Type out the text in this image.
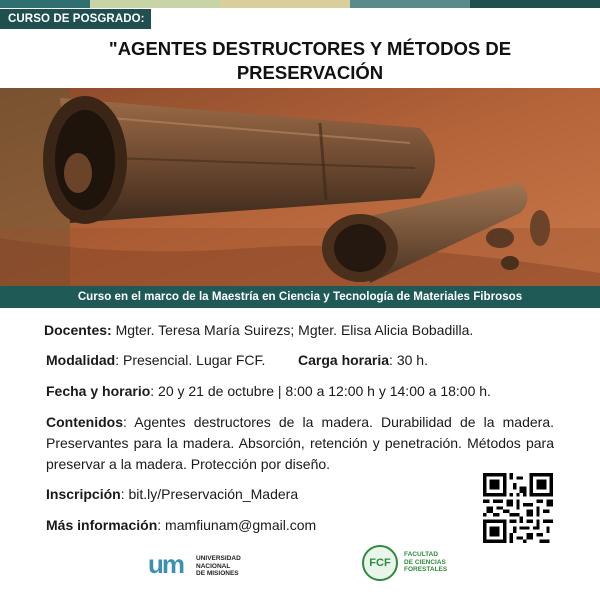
CURSO DE POSGRADO:
"AGENTES DESTRUCTORES Y MÉTODOS DE PRESERVACIÓN
Curso en el marco de la Maestría en Ciencia y Tecnología de Materiales Fibrosos
Docentes: Mgter. Teresa María Suirezs; Mgter. Elisa Alicia Bobadilla.
Modalidad: Presencial. Lugar FCF. Carga horaria: 30 h.
Fecha y horario: 20 y 21 de octubre | 8:00 a 12:00 h y 14:00 a 18:00 h.
Contenidos: Agentes destructores de la madera. Durabilidad de la madera. Preservantes para la madera. Absorción, retención y penetración. Métodos para preservar a la madera. Protección por diseño.
Inscripción: bit.ly/Preservación_Madera
Más información: mamfiunam@gmail.com
um UNIVERSIDAD
NACIONAL
DE MISIONES
FCF
FACULTAD
DE CIENCIAS
FORESTALES
